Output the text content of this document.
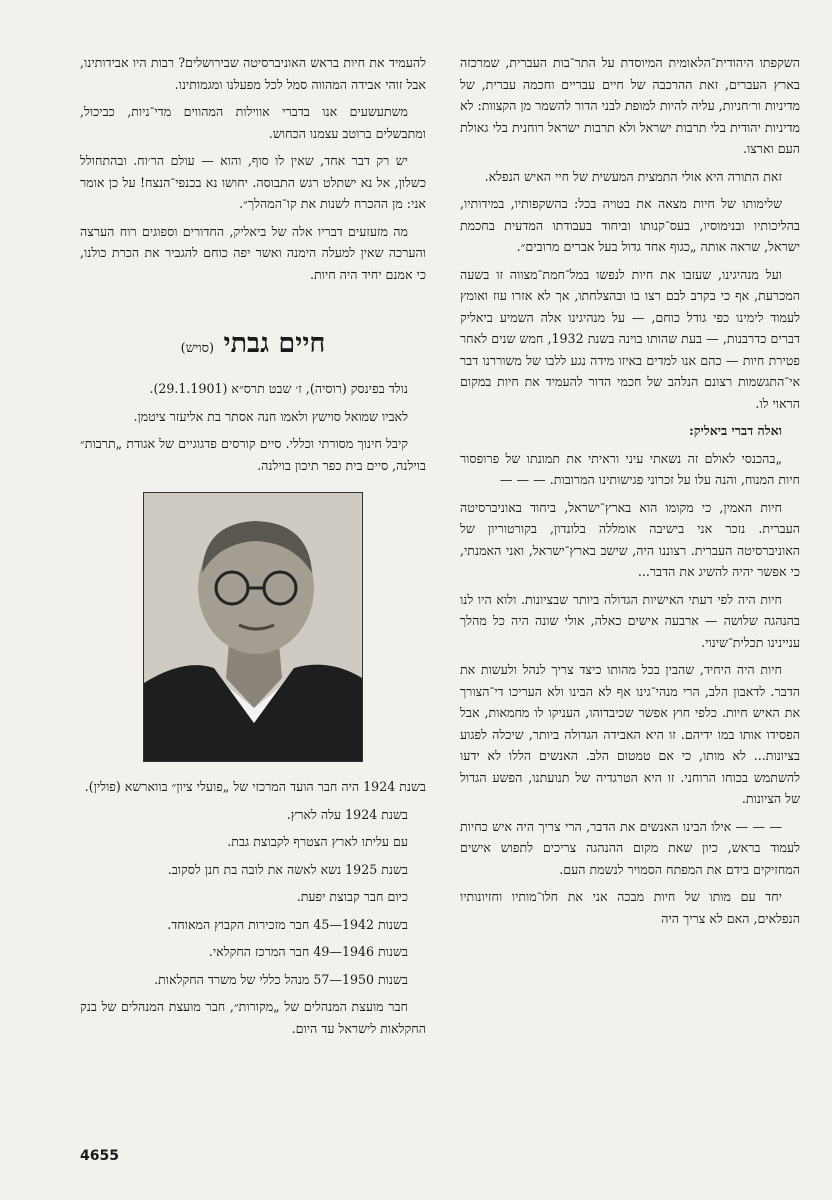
השקפתו היהודית־הלאומית המיוסדת על התר־בות העברית, שמרכזה בארץ העברים, זאת ההרכבה של חיים עבריים וחכמה עברית, של מדיניות ור׳חניות, עליה להיות למופת לבני הדור להשמר מן הקצוות: לא מדיניות יהודית בלי תרבות ישראל ולא תרבות ישראל רוחנית בלי גאולת העם וארצו.

זאת התורה היא אולי התמצית המעשית של חיי האיש הנפלא.

שלימותו של חיות מצאה את בטויה בכל: בהשקפותיו, במידותיו, בהליכותיו ובנימוסיו, בעס־קנותו וביחוד בעבודתו המדעית בחכמת ישראל, שראה אותה „כגוף אחד גדול בעל אברים מרובים״.

ועל מנהיגינו, שעזבו את חיות לנפשו במל־חמת־מצווה זו בשעה המכרעת, אף כי בקרב לבם רצו בו ובהצלחתו, אך לא אזרו עוז ואומץ לעמוד לימינו כפי גודל כוחם, — על מנהיגינו אלה השמיע ביאליק דברים כדרבנות, — בעת שהותו בוינה בשנת 1932, חמש שנים לאחר פטירת חיות — כהם אנו למדים באיזו מידה נגע ללבו של משוררנו דבר אי־התגשמות רצונם הנלהב של חכמי הדור להעמיד את חיות במקום הראוי לו.

ואלה דברי ביאליק:

„בהכנסי לאולם זה נשאתי עיני וראיתי את תמונתו של פרופסור חיות המנוח, והנה עלו על זכרוני פגישותינו המרובות. — — —

חיות האמין, כי מקומו הוא בארץ־ישראל, ביחוד באוניברסיטה העברית. נזכר אני בישיבה אומללה בלונדון, בקורטוריון של האוניברסיטה העברית. רצוננו היה, שישב בארץ־ישראל, ואני האמנתי, כי אפשר יהיה להשיג את הדבר...

חיות היה לפי דעתי האישיות הגדולה ביותר שבציונות. ולוא היו לנו בהנהגה שלושה — ארבעה אישים כאלה, אולי שונה היה כל מהלך עניינינו תכלית־שינוי.

חיות היה היחיד, שהבין בכל מהותו כיצד צריך לנהל ולעשות את הדבר. לדאבון הלב, הרי מנהי־גינו אף לא הבינו ולא העריכו די־הצורך את האיש חיות. כלפי חוץ אפשר שכיבדוהו, העניקו לו מחמאות, אבל הפסידו אותו במו ידיהם. זו היא האבידה הגדולה ביותר, שיכלה לפגוע בציונות... לא מותו, כי אם טמטום הלב. האנשים הללו לא ידעו להשתמש בכוחו הרוחני. זו היא הטרגדיה של תנועתנו, הפשע הגדול של הציונות.

— — — אילו הבינו האנשים את הדבר, הרי צריך היה איש כחיות לעמוד בראש, כיון שאת מקום ההנהגה צריכים לתפוש אישים המחזיקים בידם את המפתח הסמויר לנשמת העם.

יחד עם מותו של חיות מבכה אני את חלו־מותיו וחזיונותיו הנפלאים, האם לא צריך היה

להעמיד את חיות בראש האוניברסיטה שבירושלים? רבות היו אבידותינו, אבל זוהי אבידה המהווה סמל לכל מפעלנו ומגמותינו.

משתעשעים אנו בדברי אווילות המהווים מדי־ניות, כביכול, ומתבשלים ברוטב עצמנו הכחוש.

יש רק דבר אחד, שאין לו סוף, והוא — עולם הר׳וח. ובהתחולל כשלון, אל נא ישתלט רגש התבוסה. יחושו נא בכנפי־הנצח! על כן אומר אני: מן ההכרח לשנות את קו־המהלך״.

מה מזעזעים דבריו אלה של ביאליק, החדורים וספוגים רוח הערצה והערכה שאין למעלה הימנה ואשר יפה כוחם להגביר את הכרת כולנו, כי אמנם יחיד היה חיות.

חיים גבתי (סויש)

נולד בפינסק (רוסיה), ז׳ שבט תרס״א (29.1.1901).

לאביו שמואל סוישץ ולאמו חנה אסתר בת אליעזר ציטמן.

קיבל חינוך מסורתי וכללי. סיים קורסים פדגוגיים של אגודת „תרבות״ בוילנה, סיים בית כפר תיכון בוילנה.

בשנת 1924 היה חבר הועד המרכזי של „פועלי ציון״ בווארשא (פולין).

בשנת 1924 עלה לארץ.

עם עליתו לארץ הצטרף לקבוצת גבת.

בשנת 1925 נשא לאשה את לובה בת חנן לסקוב.

כיום חבר קבוצת יפעת.

בשנות 1942—45 חבר מזכירות הקבוץ המאוחד.

בשנות 1946—49 חבר המרכז החקלאי.

בשנות 1950—57 מנהל כללי של משרד החקלאות.

חבר מועצת המנהלים של „מקורות״, חבר מועצת המנהלים של בנק החקלאות לישראל עד היום.

4655
